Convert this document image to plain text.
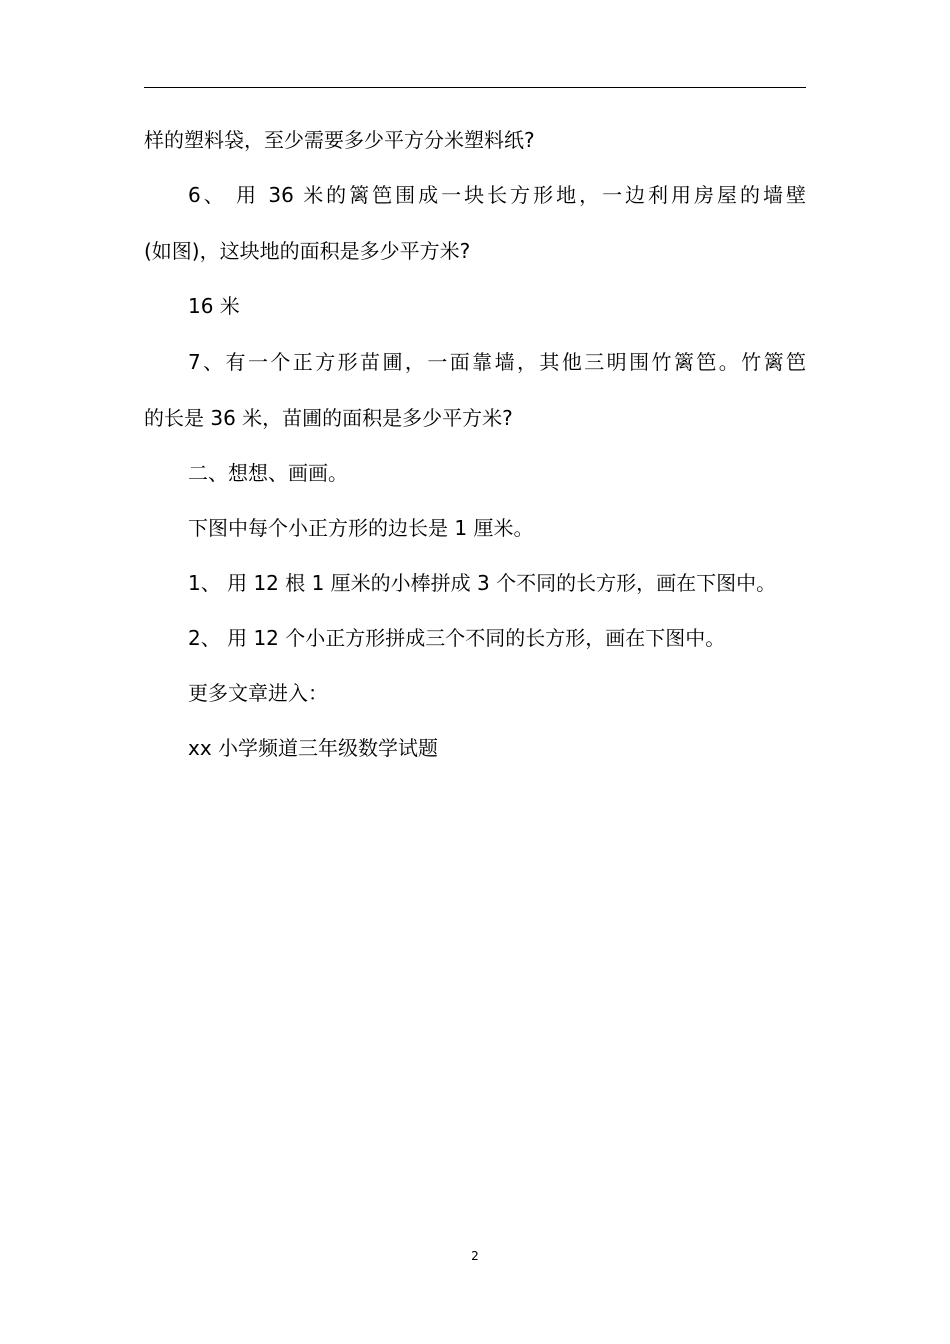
样的塑料袋，至少需要多少平方分米塑料纸?
6、 用 36 米的篱笆围成一块长方形地，一边利用房屋的墙壁
(如图)，这块地的面积是多少平方米?
16 米
7、有一个正方形苗圃，一面靠墙，其他三明围竹篱笆。竹篱笆
的长是 36 米，苗圃的面积是多少平方米?
二、想想、画画。
下图中每个小正方形的边长是 1 厘米。
1、 用 12 根 1 厘米的小棒拼成 3 个不同的长方形，画在下图中。
2、 用 12 个小正方形拼成三个不同的长方形，画在下图中。
更多文章进入：
xx 小学频道三年级数学试题
2
